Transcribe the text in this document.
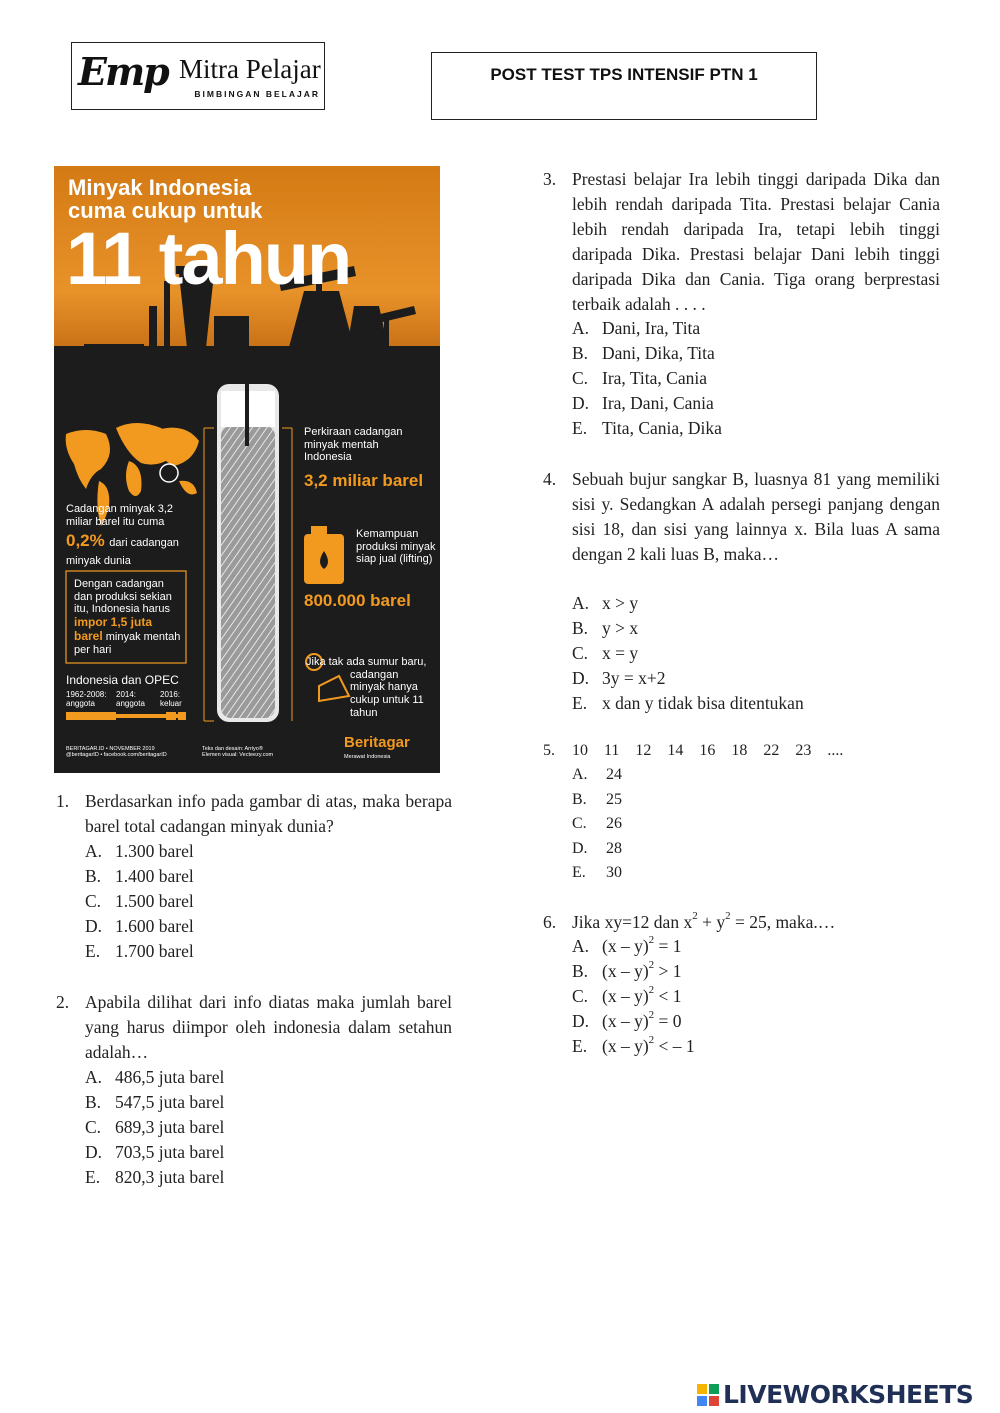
Emp Mitra Pelajar
BIMBINGAN BELAJAR
POST TEST TPS INTENSIF PTN 1
Minyak Indonesia
cuma cukup untuk
11 tahun
Perkiraan cadangan minyak mentah Indonesia
3,2 miliar barel
Cadangan minyak 3,2 miliar barel itu cuma
0,2% dari cadangan minyak dunia
Kemampuan produksi minyak siap jual (lifting)
800.000 barel
Dengan cadangan dan produksi sekian itu, Indonesia harus impor 1,5 juta barel minyak mentah per hari
Indonesia dan OPEC
1962-2008: anggota
2014: anggota
2016: keluar
Jika tak ada sumur baru, cadangan minyak hanya cukup untuk 11 tahun
BERITAGAR.ID • NOVEMBER 2019
@beritagarID • facebook.com/beritagarID
Teks dan desain: Arriyo®
Elemen visual: Vecteezy.com
Beritagar
Merawat Indonesia
1. Berdasarkan info pada gambar di atas, maka berapa barel total cadangan minyak dunia?
A. 1.300 barel
B. 1.400 barel
C. 1.500 barel
D. 1.600 barel
E. 1.700 barel
2. Apabila dilihat dari info diatas maka jumlah barel yang harus diimpor oleh indonesia dalam setahun adalah…
A. 486,5 juta barel
B. 547,5 juta barel
C. 689,3 juta barel
D. 703,5 juta barel
E. 820,3 juta barel
3. Prestasi belajar Ira lebih tinggi daripada Dika dan lebih rendah daripada Tita. Prestasi belajar Cania lebih rendah daripada Ira, tetapi lebih tinggi daripada Dika. Prestasi belajar Dani lebih tinggi daripada Dika dan Cania. Tiga orang berprestasi terbaik adalah . . . .
A. Dani, Ira, Tita
B. Dani, Dika, Tita
C. Ira, Tita, Cania
D. Ira, Dani, Cania
E. Tita, Cania, Dika
4. Sebuah bujur sangkar B, luasnya 81 yang memiliki sisi y. Sedangkan A adalah persegi panjang dengan sisi 18, dan sisi yang lainnya x. Bila luas A sama dengan 2 kali luas B, maka…
A. x > y
B. y > x
C. x = y
D. 3y = x+2
E. x dan y tidak bisa ditentukan
5. 10    11    12    14    16    18    22    23    ....
A. 24
B. 25
C. 26
D. 28
E. 30
6. Jika xy=12 dan $x^2 + y^2 = 25$, maka.…
A. (x – y)$^2$ = 1
B. (x – y)$^2$ > 1
C. (x – y)$^2$ < 1
D. (x – y)$^2$ = 0
E. (x – y)$^2$ < – 1
LIVEWORKSHEETS
